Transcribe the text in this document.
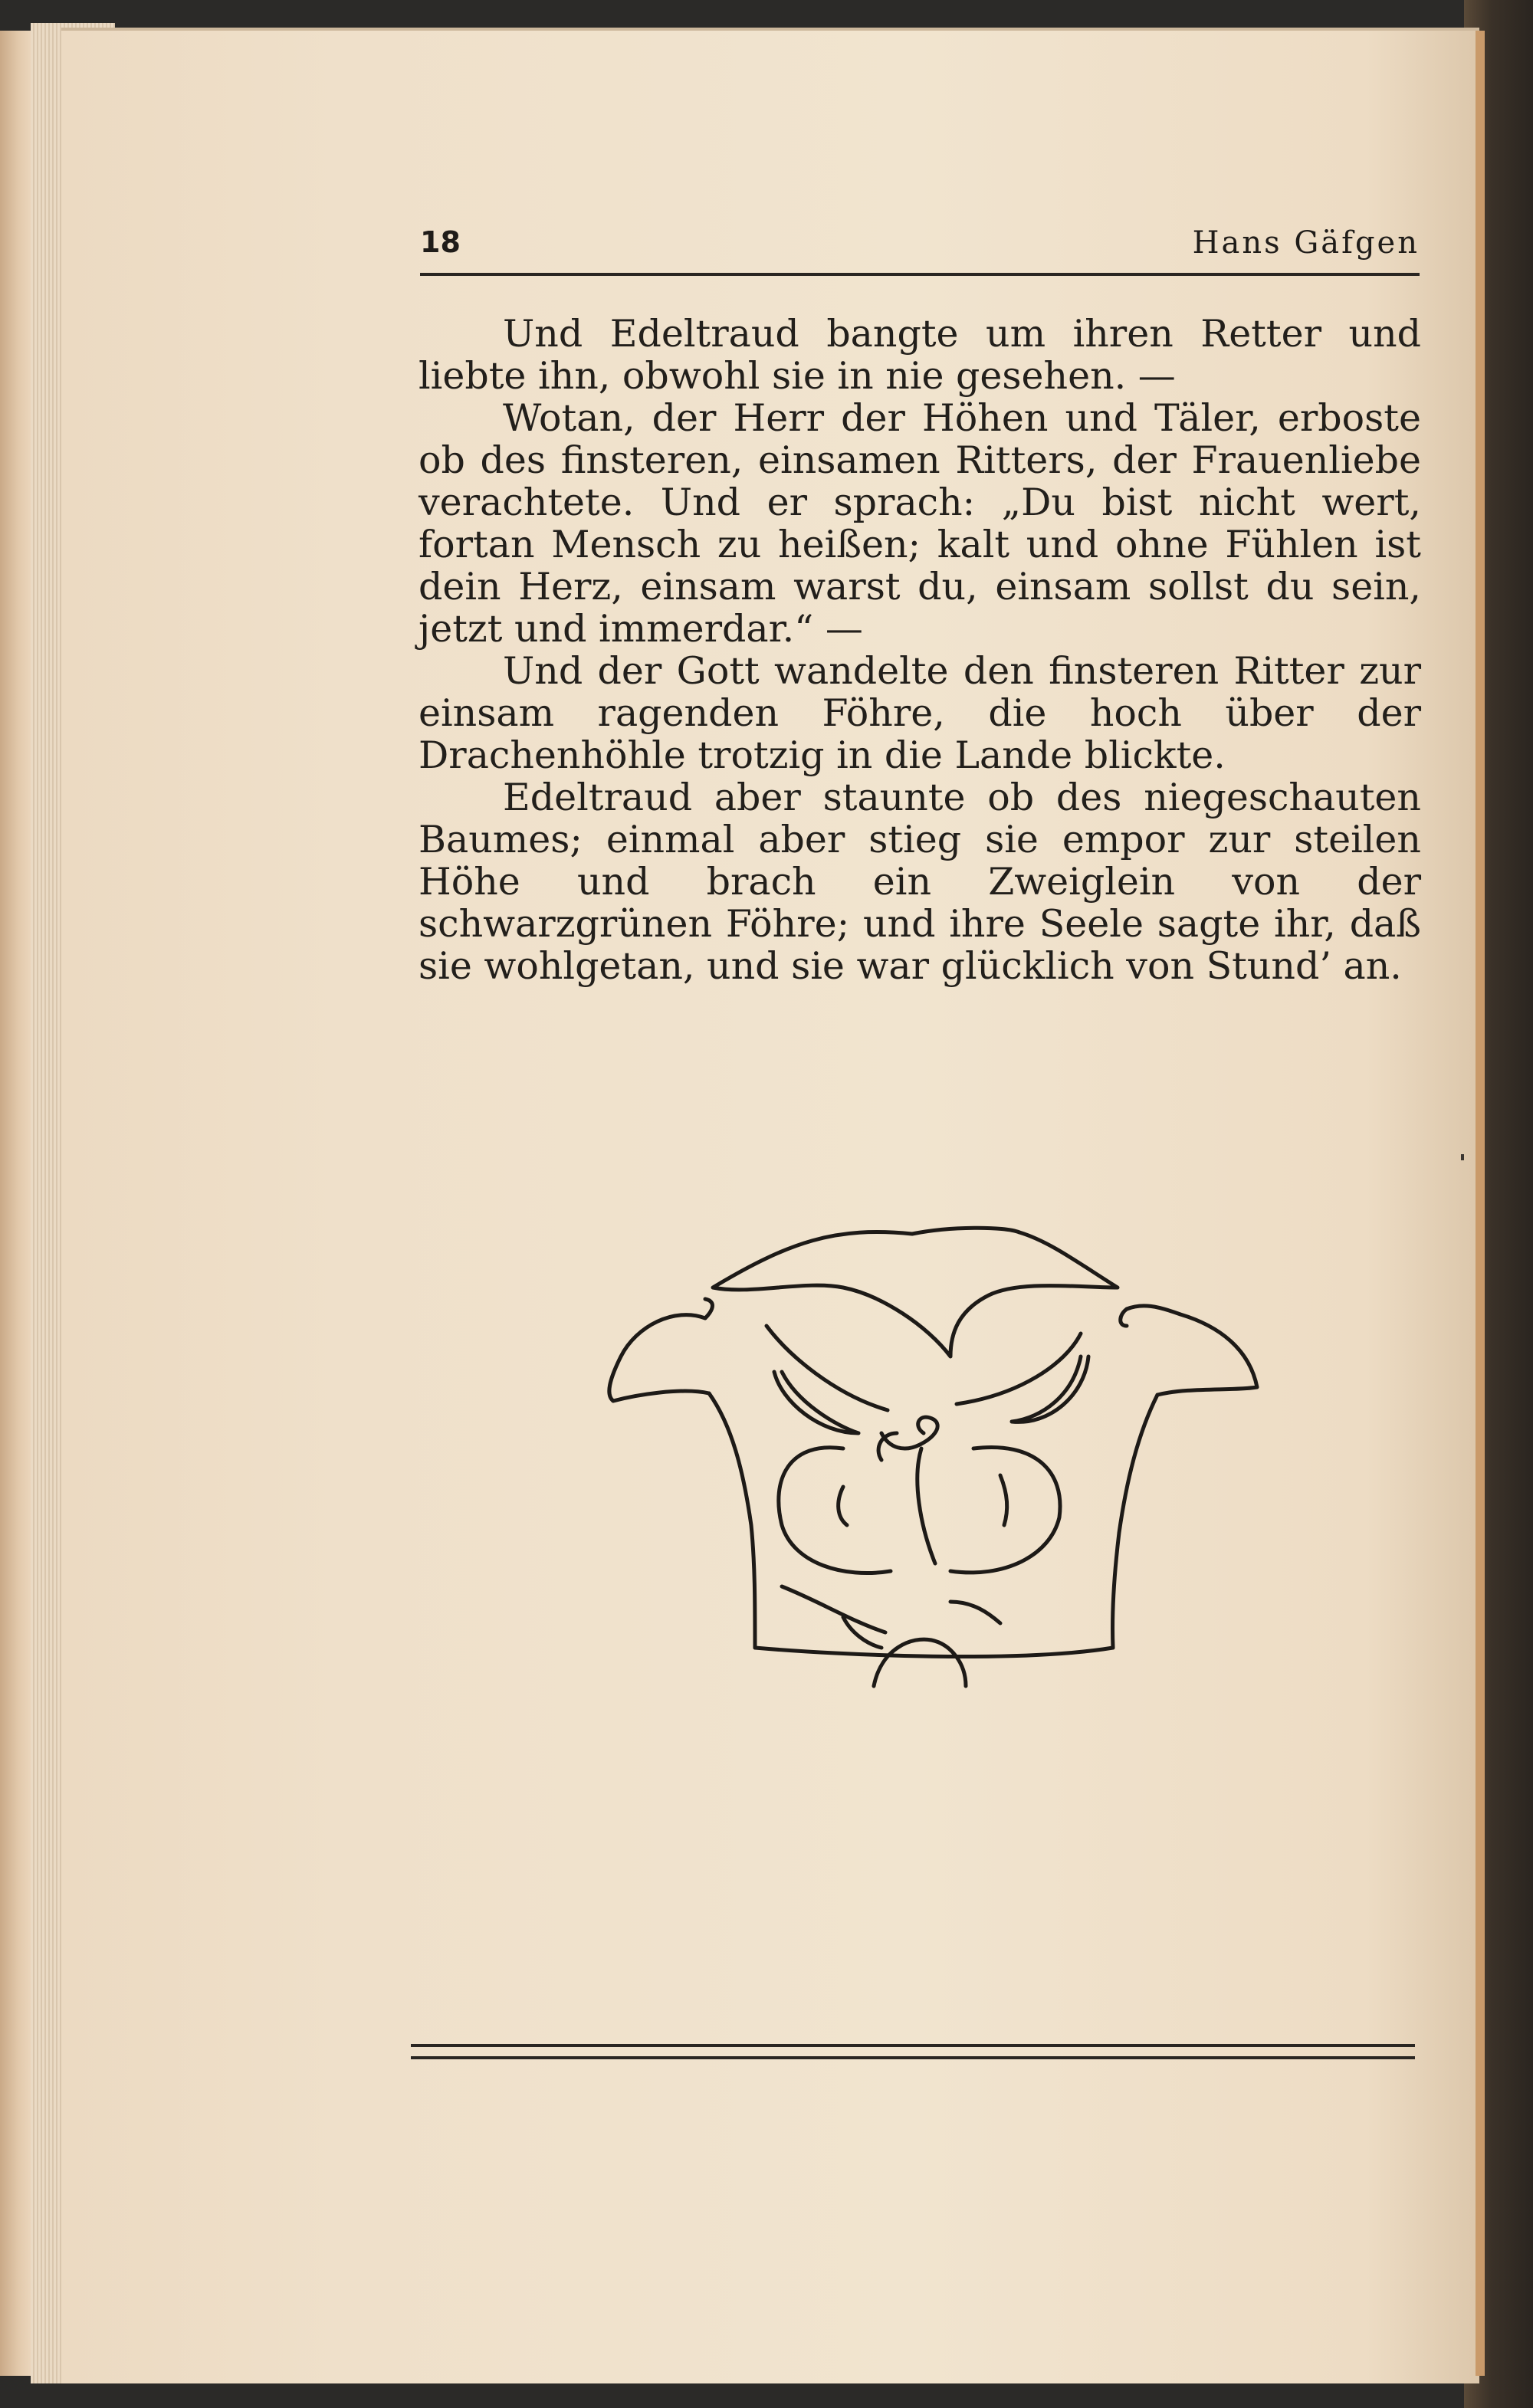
18	Hans Gäfgen

Und Edeltraud bangte um ihren Retter und liebte ihn, obwohl sie in nie gesehen. —

Wotan, der Herr der Höhen und Täler, erboste ob des finsteren, einsamen Ritters, der Frauenliebe verachtete. Und er sprach: „Du bist nicht wert, fortan Mensch zu heißen; kalt und ohne Fühlen ist dein Herz, einsam warst du, einsam sollst du sein, jetzt und immerdar.“ —

Und der Gott wandelte den finsteren Ritter zur einsam ragenden Föhre, die hoch über der Drachenhöhle trotzig in die Lande blickte.

Edeltraud aber staunte ob des niegeschauten Baumes; einmal aber stieg sie empor zur steilen Höhe und brach ein Zweiglein von der schwarzgrünen Föhre; und ihre Seele sagte ihr, daß sie wohlgetan, und sie war glücklich von Stund’ an.
